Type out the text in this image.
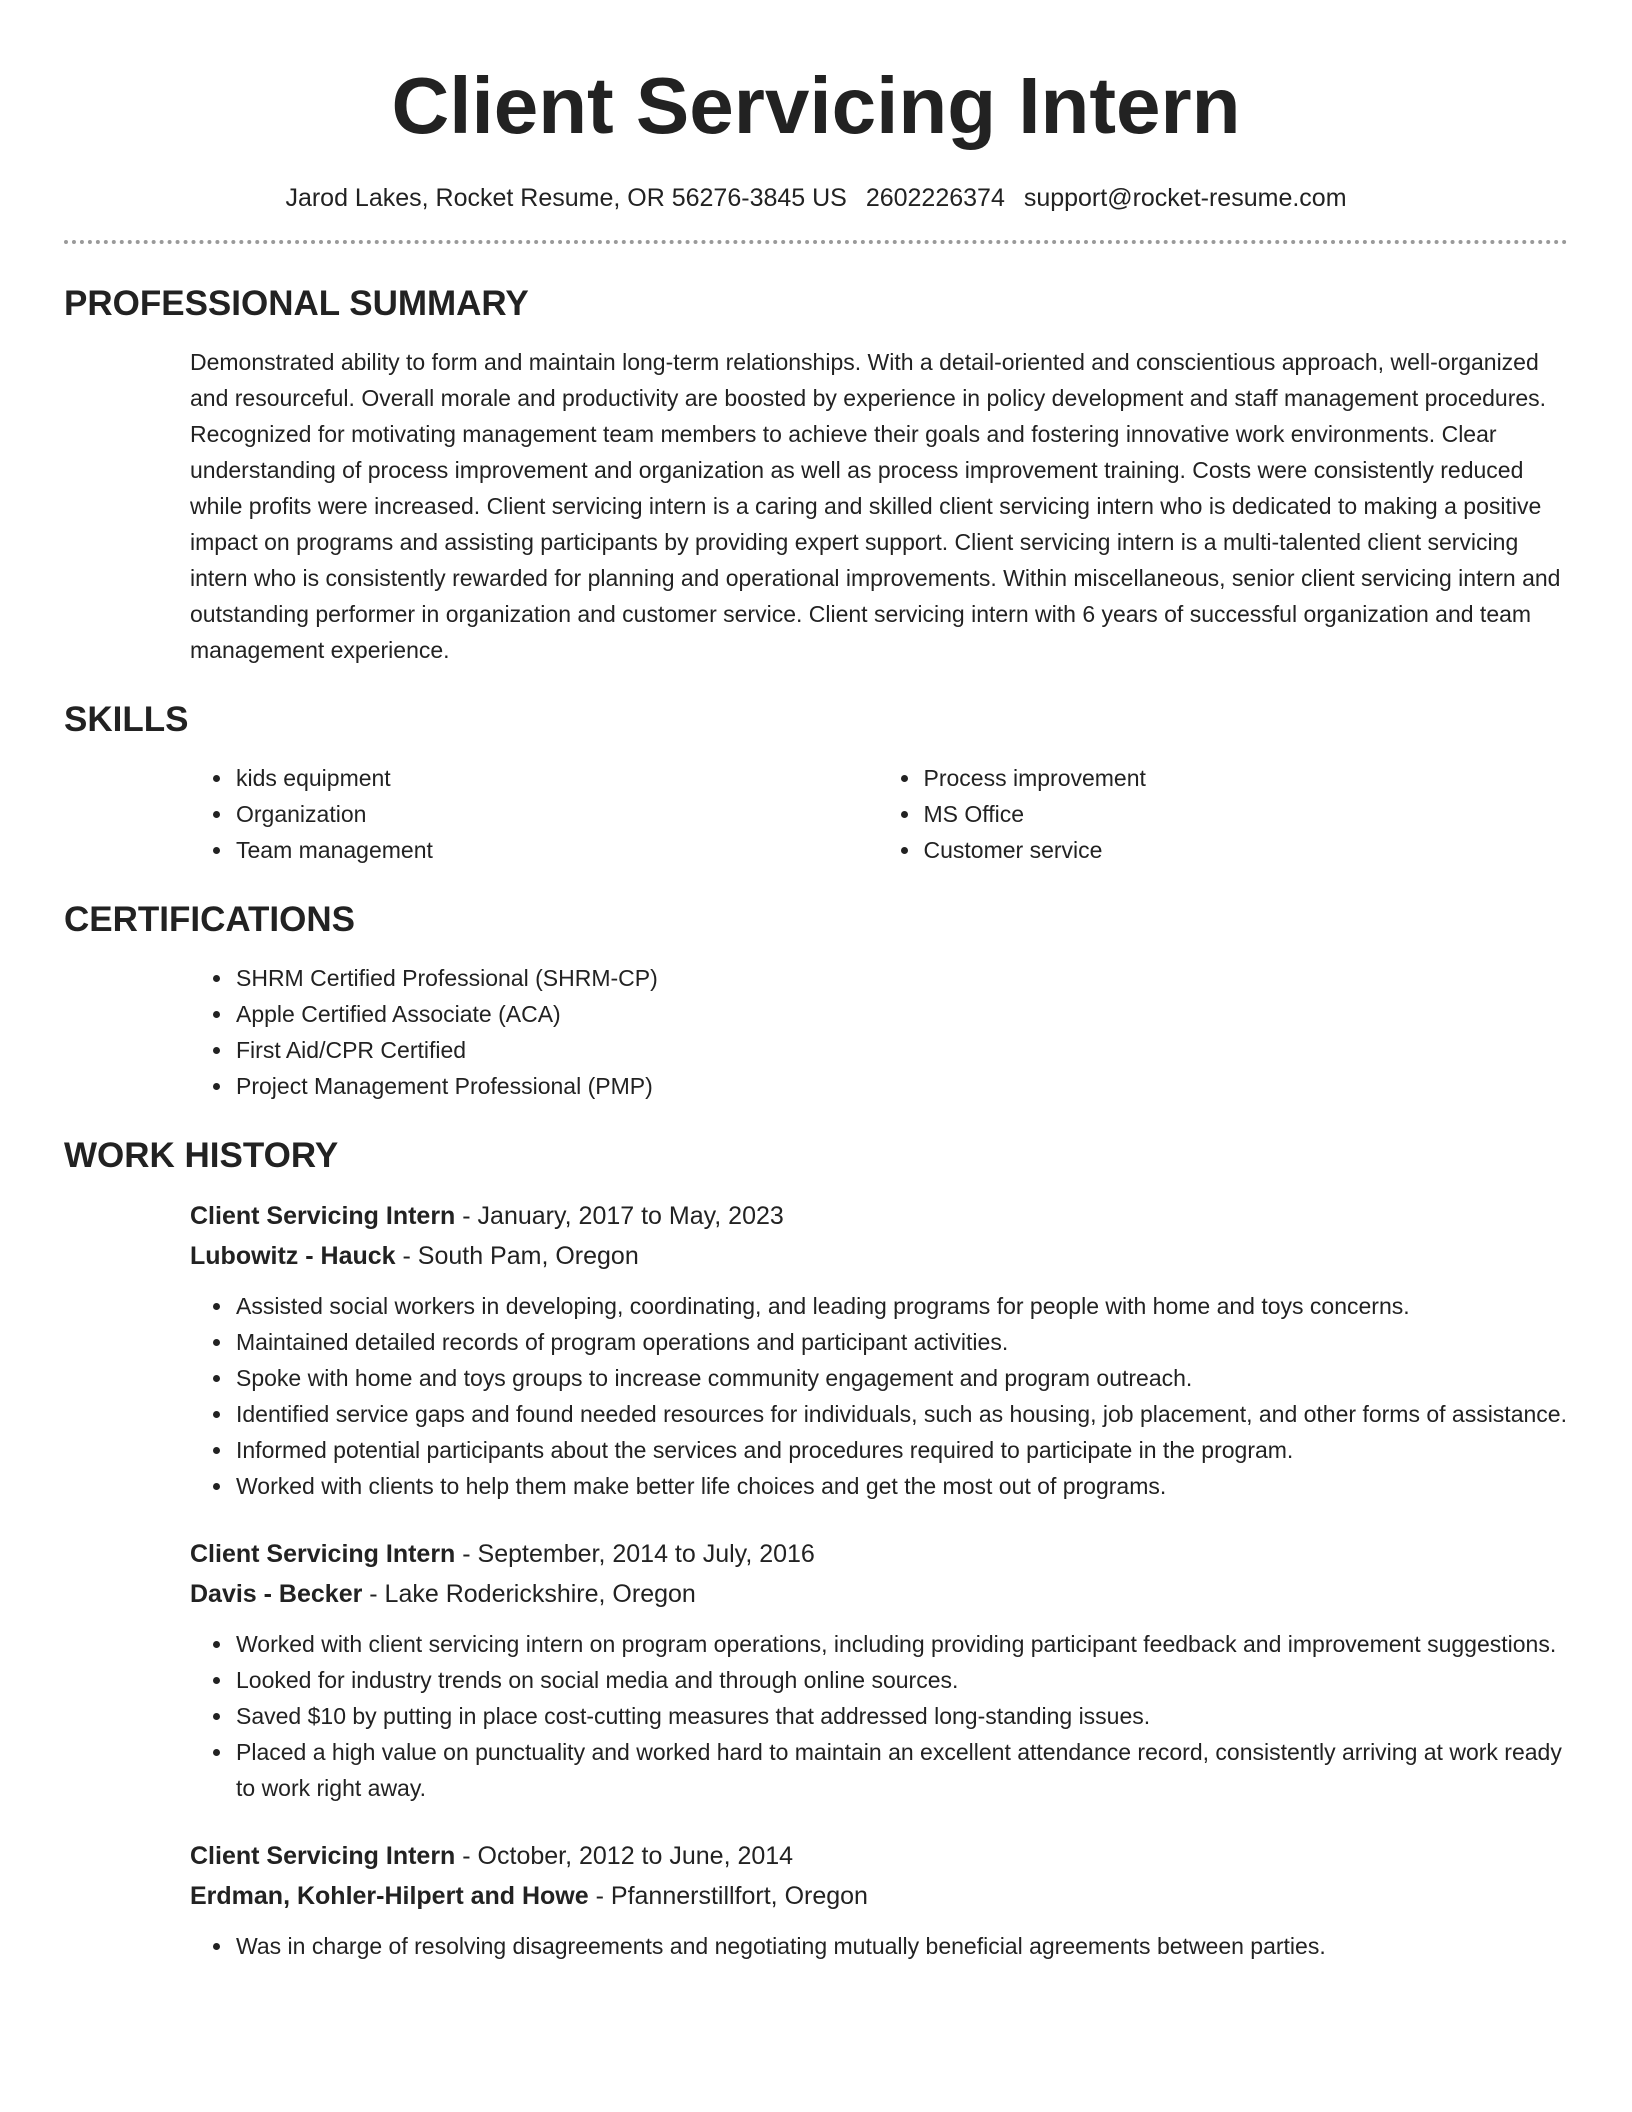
Client Servicing Intern
Jarod Lakes, Rocket Resume, OR 56276-3845 US 2602226374 support@rocket-resume.com
PROFESSIONAL SUMMARY

Demonstrated ability to form and maintain long-term relationships. With a detail-oriented and conscientious approach, well-organized and resourceful. Overall morale and productivity are boosted by experience in policy development and staff management procedures. Recognized for motivating management team members to achieve their goals and fostering innovative work environments. Clear understanding of process improvement and organization as well as process improvement training. Costs were consistently reduced while profits were increased. Client servicing intern is a caring and skilled client servicing intern who is dedicated to making a positive impact on programs and assisting participants by providing expert support. Client servicing intern is a multi-talented client servicing intern who is consistently rewarded for planning and operational improvements. Within miscellaneous, senior client servicing intern and outstanding performer in organization and customer service. Client servicing intern with 6 years of successful organization and team management experience.

SKILLS
• kids equipment
• Organization
• Team management
• Process improvement
• MS Office
• Customer service
CERTIFICATIONS
• SHRM Certified Professional (SHRM-CP)
• Apple Certified Associate (ACA)
• First Aid/CPR Certified
• Project Management Professional (PMP)
WORK HISTORY
Client Servicing Intern - January, 2017 to May, 2023
Lubowitz - Hauck - South Pam, Oregon
• Assisted social workers in developing, coordinating, and leading programs for people with home and toys concerns.
• Maintained detailed records of program operations and participant activities.
• Spoke with home and toys groups to increase community engagement and program outreach.
• Identified service gaps and found needed resources for individuals, such as housing, job placement, and other forms of assistance.
• Informed potential participants about the services and procedures required to participate in the program.
• Worked with clients to help them make better life choices and get the most out of programs.
Client Servicing Intern - September, 2014 to July, 2016
Davis - Becker - Lake Roderickshire, Oregon
• Worked with client servicing intern on program operations, including providing participant feedback and improvement suggestions.
• Looked for industry trends on social media and through online sources.
• Saved $10 by putting in place cost-cutting measures that addressed long-standing issues.
• Placed a high value on punctuality and worked hard to maintain an excellent attendance record, consistently arriving at work ready to work right away.
Client Servicing Intern - October, 2012 to June, 2014
Erdman, Kohler-Hilpert and Howe - Pfannerstillfort, Oregon
• Was in charge of resolving disagreements and negotiating mutually beneficial agreements between parties.
